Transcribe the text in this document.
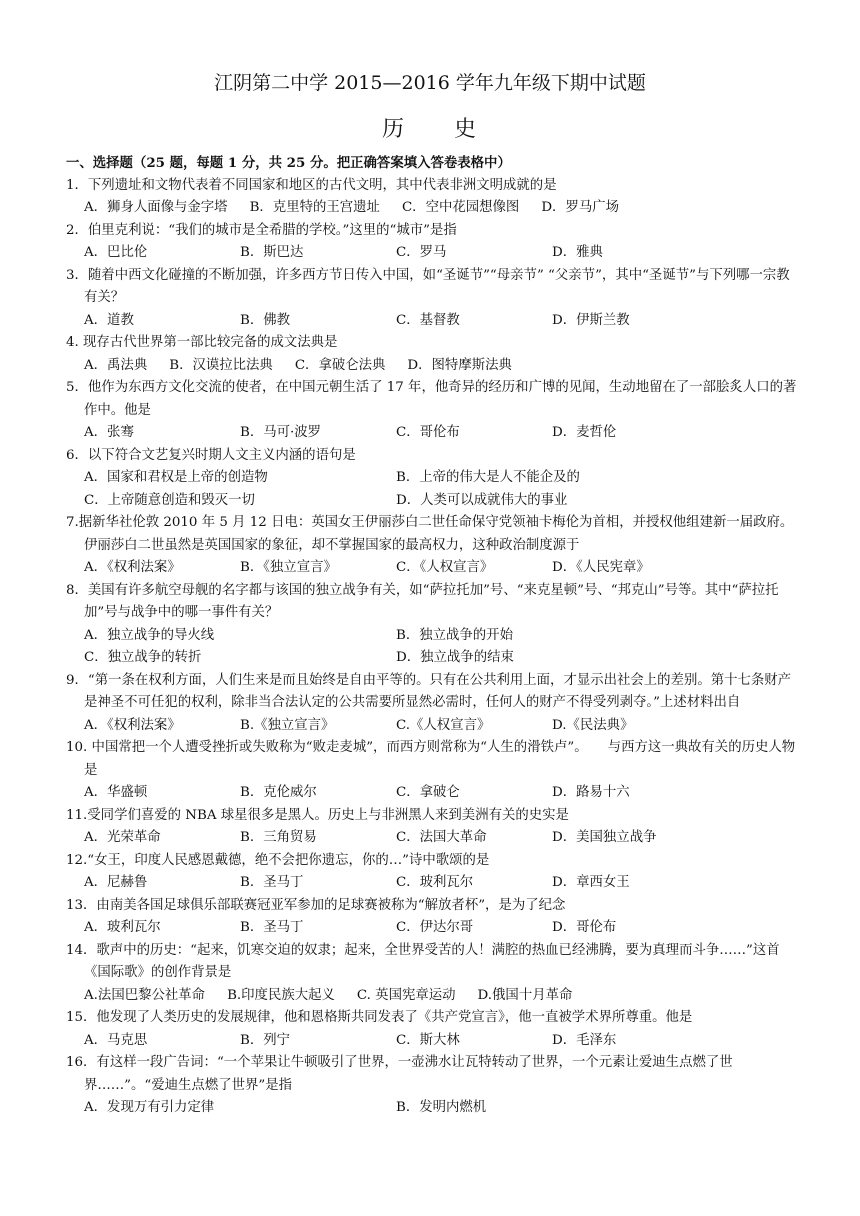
江阴第二中学 2015—2016 学年九年级下期中试题
历 史
一、选择题（25 题，每题 1 分，共 25 分。把正确答案填入答卷表格中）
1．下列遗址和文物代表着不同国家和地区的古代文明，其中代表非洲文明成就的是
A．狮身人面像与金字塔 B．克里特的王宫遗址 C．空中花园想像图 D．罗马广场
2．伯里克利说：“我们的城市是全希腊的学校。”这里的“城市”是指
A．巴比伦	B．斯巴达	C．罗马	D．雅典
3．随着中西文化碰撞的不断加强，许多西方节日传入中国，如“圣诞节”“母亲节” “父亲节”，其中“圣诞节”与下列哪一宗教有关？
A．道教	B．佛教	C．基督教	D．伊斯兰教
4. 现存古代世界第一部比较完备的成文法典是
A．禹法典 B．汉谟拉比法典 C．拿破仑法典 D．图特摩斯法典
5．他作为东西方文化交流的使者，在中国元朝生活了 17 年，他奇异的经历和广博的见闻，生动地留在了一部脍炙人口的著作中。他是
A．张骞	B．马可·波罗	C．哥伦布	D．麦哲伦
6．以下符合文艺复兴时期人文主义内涵的语句是
A．国家和君权是上帝的创造物	B．上帝的伟大是人不能企及的
C．上帝随意创造和毁灭一切	D．人类可以成就伟大的事业
7.据新华社伦敦 2010 年 5 月 12 日电：英国女王伊丽莎白二世任命保守党领袖卡梅伦为首相，并授权他组建新一届政府。伊丽莎白二世虽然是英国国家的象征，却不掌握国家的最高权力，这种政治制度源于
A．《权利法案》	B．《独立宣言》	C．《人权宣言》	D．《人民宪章》
8．美国有许多航空母舰的名字都与该国的独立战争有关，如“萨拉托加”号、“来克星顿”号、“邦克山”号等。其中“萨拉托加”号与战争中的哪一事件有关？
A．独立战争的导火线	B．独立战争的开始
C．独立战争的转折	D．独立战争的结束
9．“第一条在权利方面，人们生来是而且始终是自由平等的。只有在公共利用上面，才显示出社会上的差别。第十七条财产是神圣不可任犯的权利，除非当合法认定的公共需要所显然必需时，任何人的财产不得受列剥夺。”上述材料出自
A．《权利法案》	B.《独立宣言》	C.《人权宣言》	D.《民法典》
10. 中国常把一个人遭受挫折或失败称为“败走麦城”，而西方则常称为“人生的滑铁卢”。　　与西方这一典故有关的历史人物是
A．华盛顿	B．克伦威尔	C．拿破仑	D．路易十六
11.受同学们喜爱的 NBA 球星很多是黑人。历史上与非洲黑人来到美洲有关的史实是
A．光荣革命	B．三角贸易	C．法国大革命	D．美国独立战争
12.“女王，印度人民感恩戴德，绝不会把你遗忘，你的…”诗中歌颂的是
A．尼赫鲁	B．圣马丁	C．玻利瓦尔	D．章西女王
13．由南美各国足球俱乐部联赛冠亚军参加的足球赛被称为“解放者杯”，是为了纪念
A．玻利瓦尔	B．圣马丁	C．伊达尔哥	D．哥伦布
14．歌声中的历史：“起来，饥寒交迫的奴隶；起来，全世界受苦的人！满腔的热血已经沸腾，要为真理而斗争……”这首《国际歌》的创作背景是
A.法国巴黎公社革命 B.印度民族大起义 C. 英国宪章运动 D.俄国十月革命
15．他发现了人类历史的发展规律，他和恩格斯共同发表了《共产党宣言》，他一直被学术界所尊重。他是
A．马克思	B．列宁	C．斯大林	D．毛泽东
16．有这样一段广告词：“一个苹果让牛顿吸引了世界，一壶沸水让瓦特转动了世界，一个元素让爱迪生点燃了世界……”。“爱迪生点燃了世界”是指
A．发现万有引力定律	B．发明内燃机
